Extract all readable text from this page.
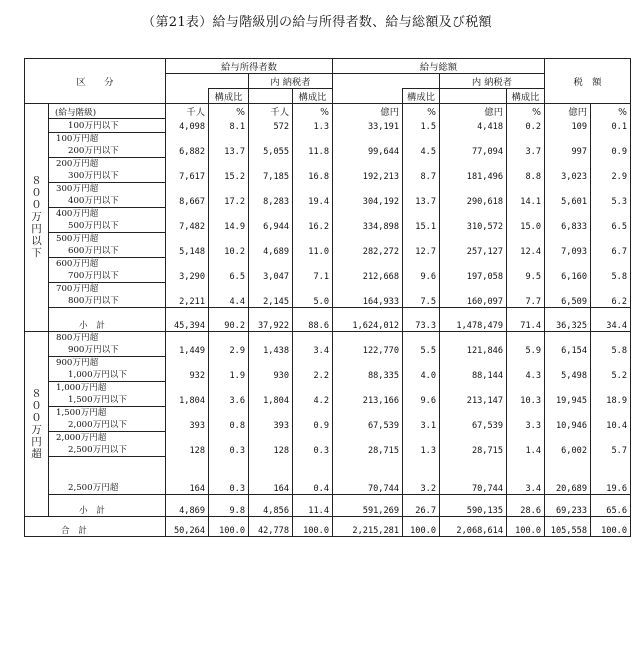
（第21表）給与階級別の給与所得者数、給与総額及び税額
区　　分		給与所得者数				給与総額				税　額	
				内 納税者				内 納税者			
			構成比		構成比		構成比		構成比		
８００万円以下	(給与階級)	千人	%	千人	%	億円	%	億円	%	億円	%

	100万円以下	4,098	8.1	572	1.3	33,191	1.5	4,418	0.2	109	0.1

	100万円超
200万円以下	6,882	13.7	5,055	11.8	99,644	4.5	77,094	3.7	997	0.9

	200万円超
300万円以下	7,617	15.2	7,185	16.8	192,213	8.7	181,496	8.8	3,023	2.9

	300万円超
400万円以下	8,667	17.2	8,283	19.4	304,192	13.7	290,618	14.1	5,601	5.3

	400万円超
500万円以下	7,482	14.9	6,944	16.2	334,898	15.1	310,572	15.0	6,833	6.5

	500万円超
600万円以下	5,148	10.2	4,689	11.0	282,272	12.7	257,127	12.4	7,093	6.7

	600万円超
700万円以下	3,290	6.5	3,047	7.1	212,668	9.6	197,058	9.5	6,160	5.8

	700万円超
800万円以下	2,211	4.4	2,145	5.0	164,933	7.5	160,097	7.7	6,509	6.2
	小　計	45,394	90.2	37,922	88.6	1,624,012	73.3	1,478,479	71.4	36,325	34.4
８００万円超	800万円超
900万円以下	1,449	2.9	1,438	3.4	122,770	5.5	121,846	5.9	6,154	5.8

	900万円超
1,000万円以下	932	1.9	930	2.2	88,335	4.0	88,144	4.3	5,498	5.2

	1,000万円超
1,500万円以下	1,804	3.6	1,804	4.2	213,166	9.6	213,147	10.3	19,945	18.9

	1,500万円超
2,000万円以下	393	0.8	393	0.9	67,539	3.1	67,539	3.3	10,946	10.4

	2,000万円超
2,500万円以下	128	0.3	128	0.3	28,715	1.3	28,715	1.4	6,002	5.7

	2,500万円超	164	0.3	164	0.4	70,744	3.2	70,744	3.4	20,689	19.6
	小　計	4,869	9.8	4,856	11.4	591,269	26.7	590,135	28.6	69,233	65.6
合　計		50,264	100.0	42,778	100.0	2,215,281	100.0	2,068,614	100.0	105,558	100.0
